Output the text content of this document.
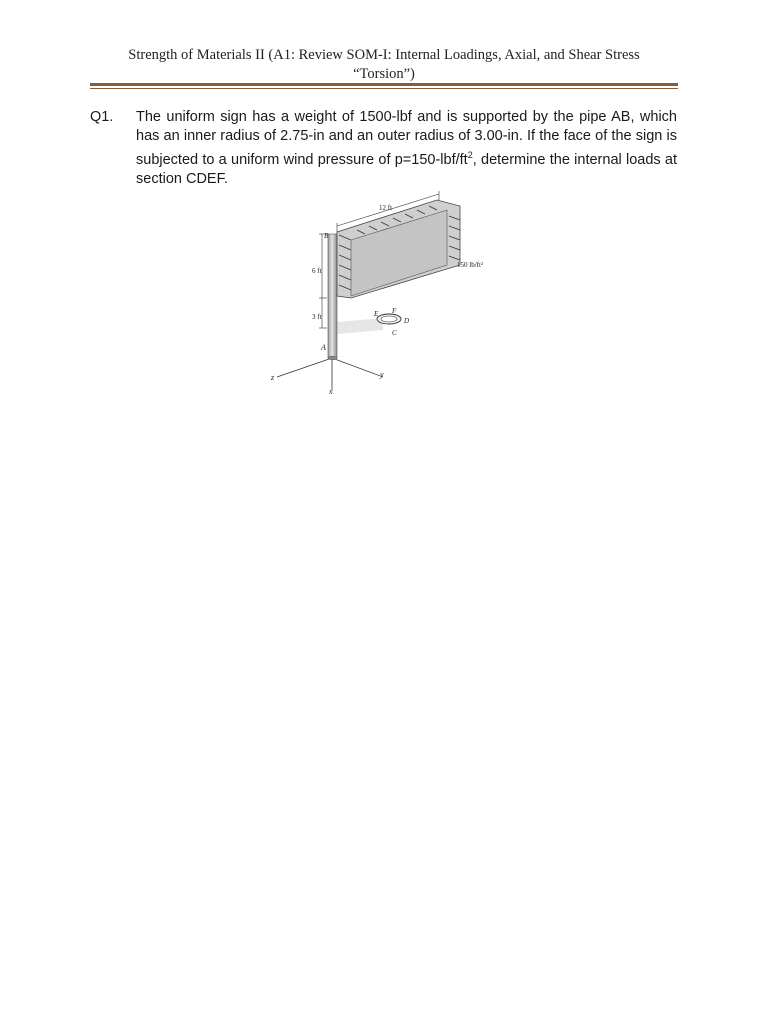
Strength of Materials II (A1: Review SOM-I: Internal Loadings, Axial, and Shear Stress
“Torsion”)
Q1. The uniform sign has a weight of 1500-lbf and is supported by the pipe AB, which has an inner radius of 2.75-in and an outer radius of 3.00-in. If the face of the sign is subjected to a uniform wind pressure of $p=150-lbf/ft^2$, determine the internal loads at section CDEF.
z	y
x
E F
D
C
A
B
12 ft
6 ft
3 ft
150 lb/ft²
